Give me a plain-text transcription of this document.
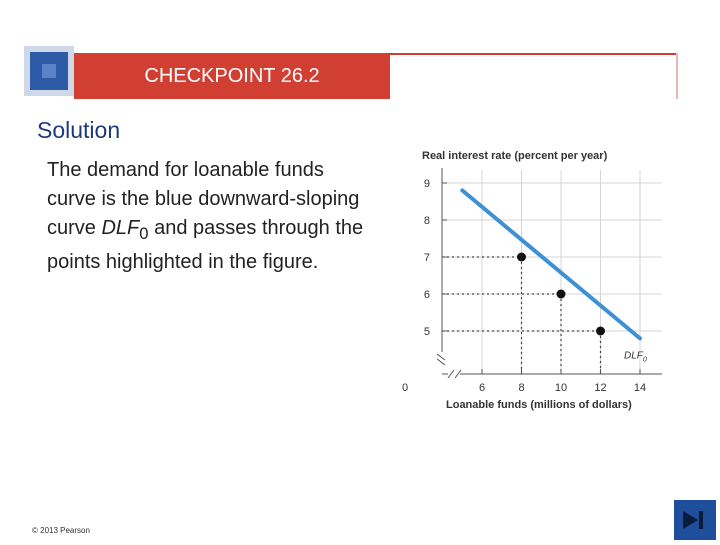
CHECKPOINT 26.2
Solution
The demand for loanable funds curve is the blue downward-sloping curve $DLF_0$ and passes through the points highlighted in the figure.
Real interest rate (percent per year)
5
6
7
8
9
6	8	10 12 14
0
$DLF_0$
Loanable funds (millions of dollars)
© 2013 Pearson
